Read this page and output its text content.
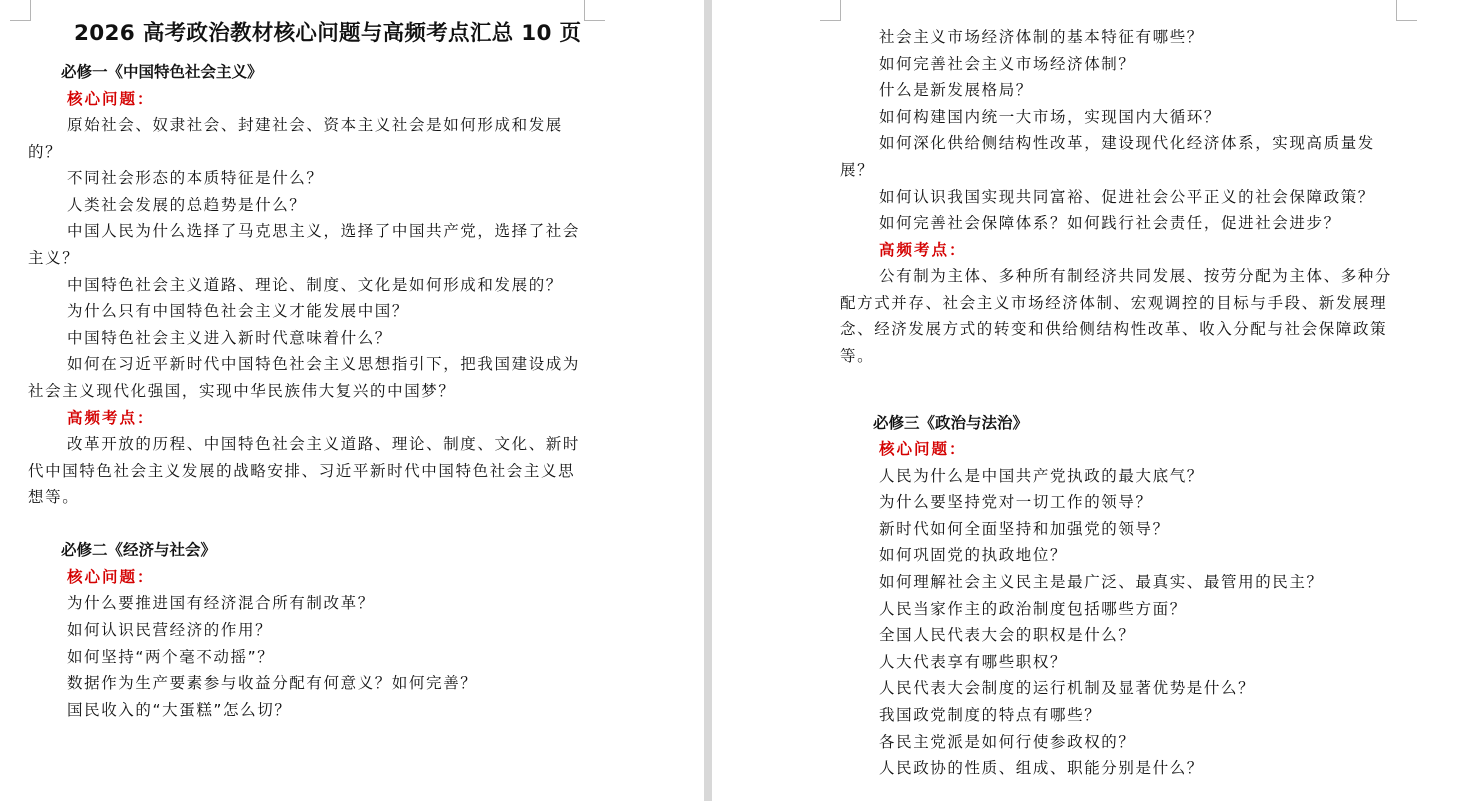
2026 高考政治教材核心问题与高频考点汇总 10 页

必修一《中国特色社会主义》

核心问题：

原始社会、奴隶社会、封建社会、资本主义社会是如何形成和发展的？

不同社会形态的本质特征是什么？

人类社会发展的总趋势是什么？

中国人民为什么选择了马克思主义，选择了中国共产党，选择了社会主义？

中国特色社会主义道路、理论、制度、文化是如何形成和发展的？

为什么只有中国特色社会主义才能发展中国？

中国特色社会主义进入新时代意味着什么？

如何在习近平新时代中国特色社会主义思想指引下，把我国建设成为社会主义现代化强国，实现中华民族伟大复兴的中国梦？

高频考点：

改革开放的历程、中国特色社会主义道路、理论、制度、文化、新时代中国特色社会主义发展的战略安排、习近平新时代中国特色社会主义思想等。

必修二《经济与社会》

核心问题：

为什么要推进国有经济混合所有制改革？

如何认识民营经济的作用？

如何坚持“两个毫不动摇”？

数据作为生产要素参与收益分配有何意义？如何完善？

国民收入的“大蛋糕”怎么切？

社会主义市场经济体制的基本特征有哪些？

如何完善社会主义市场经济体制？

什么是新发展格局？

如何构建国内统一大市场，实现国内大循环？

如何深化供给侧结构性改革，建设现代化经济体系，实现高质量发展？

如何认识我国实现共同富裕、促进社会公平正义的社会保障政策？

如何完善社会保障体系？如何践行社会责任，促进社会进步？

高频考点：

公有制为主体、多种所有制经济共同发展、按劳分配为主体、多种分配方式并存、社会主义市场经济体制、宏观调控的目标与手段、新发展理念、经济发展方式的转变和供给侧结构性改革、收入分配与社会保障政策等。

必修三《政治与法治》

核心问题：

人民为什么是中国共产党执政的最大底气？

为什么要坚持党对一切工作的领导？

新时代如何全面坚持和加强党的领导？

如何巩固党的执政地位？

如何理解社会主义民主是最广泛、最真实、最管用的民主？

人民当家作主的政治制度包括哪些方面？

全国人民代表大会的职权是什么？

人大代表享有哪些职权？

人民代表大会制度的运行机制及显著优势是什么？

我国政党制度的特点有哪些？

各民主党派是如何行使参政权的？

人民政协的性质、组成、职能分别是什么？
